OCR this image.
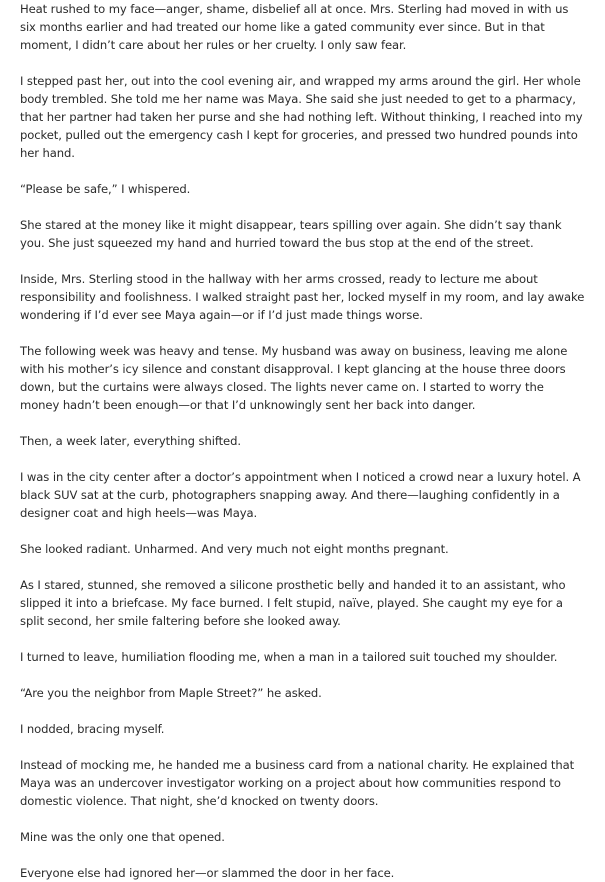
Heat rushed to my face—anger, shame, disbelief all at once. Mrs. Sterling had moved in with us six months earlier and had treated our home like a gated community ever since. But in that moment, I didn’t care about her rules or her cruelty. I only saw fear.

I stepped past her, out into the cool evening air, and wrapped my arms around the girl. Her whole body trembled. She told me her name was Maya. She said she just needed to get to a pharmacy, that her partner had taken her purse and she had nothing left. Without thinking, I reached into my pocket, pulled out the emergency cash I kept for groceries, and pressed two hundred pounds into her hand.

“Please be safe,” I whispered.

She stared at the money like it might disappear, tears spilling over again. She didn’t say thank you. She just squeezed my hand and hurried toward the bus stop at the end of the street.

Inside, Mrs. Sterling stood in the hallway with her arms crossed, ready to lecture me about responsibility and foolishness. I walked straight past her, locked myself in my room, and lay awake wondering if I’d ever see Maya again—or if I’d just made things worse.

The following week was heavy and tense. My husband was away on business, leaving me alone with his mother’s icy silence and constant disapproval. I kept glancing at the house three doors down, but the curtains were always closed. The lights never came on. I started to worry the money hadn’t been enough—or that I’d unknowingly sent her back into danger.

Then, a week later, everything shifted.

I was in the city center after a doctor’s appointment when I noticed a crowd near a luxury hotel. A black SUV sat at the curb, photographers snapping away. And there—laughing confidently in a designer coat and high heels—was Maya.

She looked radiant. Unharmed. And very much not eight months pregnant.

As I stared, stunned, she removed a silicone prosthetic belly and handed it to an assistant, who slipped it into a briefcase. My face burned. I felt stupid, naïve, played. She caught my eye for a split second, her smile faltering before she looked away.

I turned to leave, humiliation flooding me, when a man in a tailored suit touched my shoulder.

“Are you the neighbor from Maple Street?” he asked.

I nodded, bracing myself.

Instead of mocking me, he handed me a business card from a national charity. He explained that Maya was an undercover investigator working on a project about how communities respond to domestic violence. That night, she’d knocked on twenty doors.

Mine was the only one that opened.

Everyone else had ignored her—or slammed the door in her face.
